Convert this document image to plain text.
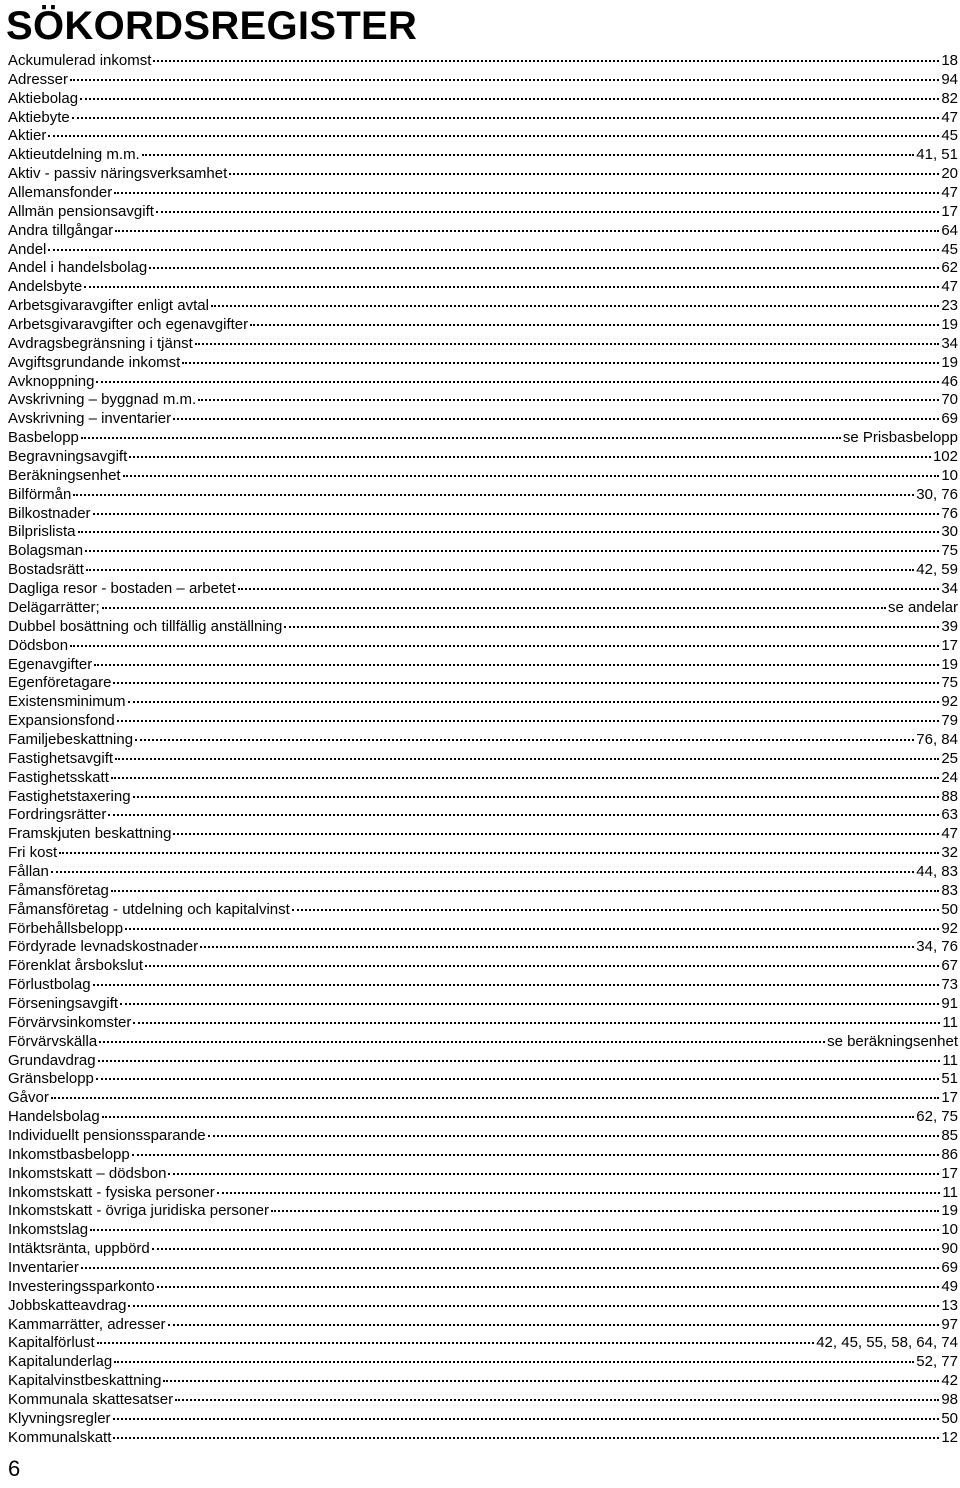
SÖKORDSREGISTER
Ackumulerad inkomst	18
Adresser	94
Aktiebolag	82
Aktiebyte	47
Aktier	45
Aktieutdelning m.m.	41, 51
Aktiv - passiv näringsverksamhet	20
Allemansfonder	47
Allmän pensionsavgift	17
Andra tillgångar	64
Andel	45
Andel i handelsbolag	62
Andelsbyte	47
Arbetsgivaravgifter enligt avtal	23
Arbetsgivaravgifter och egenavgifter	19
Avdragsbegränsning i tjänst	34
Avgiftsgrundande inkomst	19
Avknoppning	46
Avskrivning – byggnad m.m.	70
Avskrivning – inventarier	69
Basbelopp	se Prisbasbelopp
Begravningsavgift	102
Beräkningsenhet	10
Bilförmån	30, 76
Bilkostnader	76
Bilprislista	30
Bolagsman	75
Bostadsrätt	42, 59
Dagliga resor - bostaden – arbetet	34
Delägarrätter;	se andelar
Dubbel bosättning och tillfällig anställning	39
Dödsbon	17
Egenavgifter	19
Egenföretagare	75
Existensminimum	92
Expansionsfond	79
Familjebeskattning	76, 84
Fastighetsavgift	25
Fastighetsskatt	24
Fastighetstaxering	88
Fordringsrätter	63
Framskjuten beskattning	47
Fri kost	32
Fållan	44, 83
Fåmansföretag	83
Fåmansföretag - utdelning och kapitalvinst	50
Förbehållsbelopp	92
Fördyrade levnadskostnader	34, 76
Förenklat årsbokslut	67
Förlustbolag	73
Förseningsavgift	91
Förvärvsinkomster	11
Förvärvskälla	se beräkningsenhet
Grundavdrag	11
Gränsbelopp	51
Gåvor	17
Handelsbolag	62, 75
Individuellt pensionssparande	85
Inkomstbasbelopp	86
Inkomstskatt – dödsbon	17
Inkomstskatt - fysiska personer	11
Inkomstskatt - övriga juridiska personer	19
Inkomstslag	10
Intäktsränta, uppbörd	90
Inventarier	69
Investeringssparkonto	49
Jobbskatteavdrag	13
Kammarrätter, adresser	97
Kapitalförlust	42, 45, 55, 58, 64, 74
Kapitalunderlag	52, 77
Kapitalvinstbeskattning	42
Kommunala skattesatser	98
Klyvningsregler	50
Kommunalskatt	12

6
